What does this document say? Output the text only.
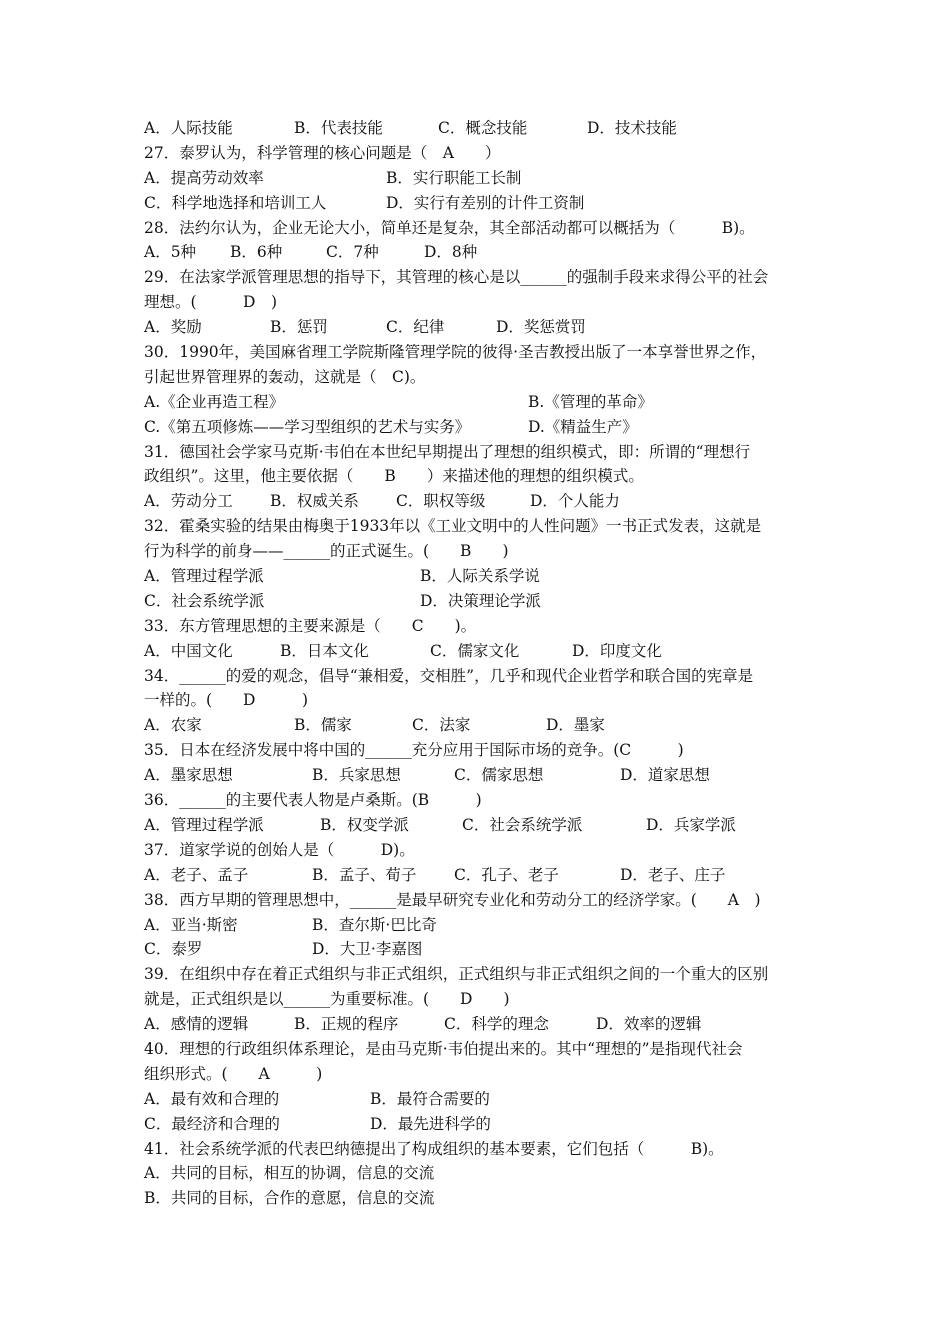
A．人际技能	B．代表技能	C．概念技能	D．技术技能
27．泰罗认为，科学管理的核心问题是（　A　　）
A．提高劳动效率	B．实行职能工长制
C．科学地选择和培训工人	D．实行有差别的计件工资制
28．法约尔认为，企业无论大小，简单还是复杂，其全部活动都可以概括为（　　　B)。
A．5种 B．6种	C．7种	D．8种
29．在法家学派管理思想的指导下，其管理的核心是以______的强制手段来求得公平的社会
理想。(　　　D　)
A．奖励	B．惩罚	C．纪律	D．奖惩赏罚
30．1990年，美国麻省理工学院斯隆管理学院的彼得·圣吉教授出版了一本享誉世界之作，
引起世界管理界的轰动，这就是（　C)。
A.《企业再造工程》	B.《管理的革命》
C.《第五项修炼——学习型组织的艺术与实务》	D.《精益生产》
31．德国社会学家马克斯·韦伯在本世纪早期提出了理想的组织模式，即：所谓的“理想行
政组织”。这里，他主要依据（　　B　　）来描述他的理想的组织模式。
A．劳动分工 B．权威关系 C．职权等级	D．个人能力
32．霍桑实验的结果由梅奥于1933年以《工业文明中的人性问题》一书正式发表，这就是
行为科学的前身——______的正式诞生。(　　B　　)
A．管理过程学派	B．人际关系学说
C．社会系统学派	D．决策理论学派
33．东方管理思想的主要来源是（　　C　　)。
A．中国文化	B．日本文化	C．儒家文化	D．印度文化
34．______的爱的观念，倡导“兼相爱，交相胜”，几乎和现代企业哲学和联合国的宪章是
一样的。(　　D　　　)
A．农家	B．儒家	C．法家	D．墨家
35．日本在经济发展中将中国的______充分应用于国际市场的竞争。(C　　　)
A．墨家思想	B．兵家思想	C．儒家思想	D．道家思想
36．______的主要代表人物是卢桑斯。(B　　　)
A．管理过程学派	B．权变学派	C．社会系统学派	D．兵家学派
37．道家学说的创始人是（　　　D)。
A．老子、孟子	B．孟子、荀子 C．孔子、老子	D．老子、庄子
38．西方早期的管理思想中，______是最早研究专业化和劳动分工的经济学家。(　　A　)
A．亚当·斯密	B．查尔斯·巴比奇
C．泰罗	D．大卫·李嘉图
39．在组织中存在着正式组织与非正式组织，正式组织与非正式组织之间的一个重大的区别
就是，正式组织是以______为重要标准。(　　D　　)
A．感情的逻辑	B．正规的程序	C．科学的理念	D．效率的逻辑
40．理想的行政组织体系理论，是由马克斯·韦伯提出来的。其中“理想的”是指现代社会
组织形式。(　　A　　　)
A．最有效和合理的	B．最符合需要的
C．最经济和合理的	D．最先进科学的
41．社会系统学派的代表巴纳德提出了构成组织的基本要素，它们包括（　　　B)。
A．共同的目标，相互的协调，信息的交流
B．共同的目标，合作的意愿，信息的交流
